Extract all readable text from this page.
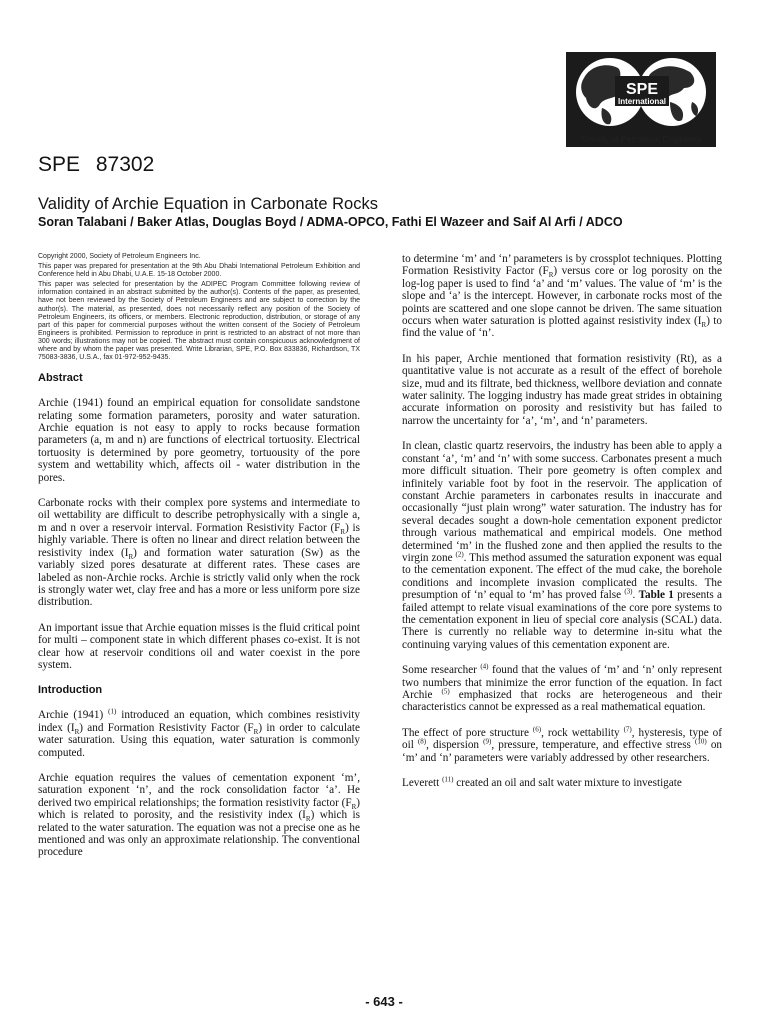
SPE
International
Society of Petroleum Engineers
SPE 87302
Validity of Archie Equation in Carbonate Rocks
Soran Talabani / Baker Atlas, Douglas Boyd / ADMA-OPCO, Fathi El Wazeer and Saif Al Arfi / ADCO

Copyright 2000, Society of Petroleum Engineers Inc.

This paper was prepared for presentation at the 9th Abu Dhabi International Petroleum Exhibition and Conference held in Abu Dhabi, U.A.E. 15-18 October 2000.

This paper was selected for presentation by the ADIPEC Program Committee following review of information contained in an abstract submitted by the author(s). Contents of the paper, as presented, have not been reviewed by the Society of Petroleum Engineers and are subject to correction by the author(s). The material, as presented, does not necessarily reflect any position of the Society of Petroleum Engineers, its officers, or members. Electronic reproduction, distribution, or storage of any part of this paper for commercial purposes without the written consent of the Society of Petroleum Engineers is prohibited. Permission to reproduce in print is restricted to an abstract of not more than 300 words; illustrations may not be copied. The abstract must contain conspicuous acknowledgment of where and by whom the paper was presented. Write Librarian, SPE, P.O. Box 833836, Richardson, TX 75083-3836, U.S.A., fax 01-972-952-9435.

Abstract

Archie (1941) found an empirical equation for consolidate sandstone relating some formation parameters, porosity and water saturation. Archie equation is not easy to apply to rocks because formation parameters (a, m and n) are functions of electrical tortuosity. Electrical tortuosity is determined by pore geometry, tortuousity of the pore system and wettability which, affects oil - water distribution in the pores.

Carbonate rocks with their complex pore systems and intermediate to oil wettability are difficult to describe petrophysically with a single a, m and n over a reservoir interval. Formation Resistivity Factor $(F_R)$ is highly variable. There is often no linear and direct relation between the resistivity index $(I_R)$ and formation water saturation (Sw) as the variably sized pores desaturate at different rates. These cases are labeled as non-Archie rocks. Archie is strictly valid only when the rock is strongly water wet, clay free and has a more or less uniform pore size distribution.

An important issue that Archie equation misses is the fluid critical point for multi – component state in which different phases co-exist. It is not clear how at reservoir conditions oil and water coexist in the pore system.

Introduction

Archie (1941) $^{(1)}$ introduced an equation, which combines resistivity index $(I_R)$ and Formation Resistivity Factor $(F_R)$ in order to calculate water saturation. Using this equation, water saturation is commonly computed.

Archie equation requires the values of cementation exponent ‘m’, saturation exponent ‘n’, and the rock consolidation factor ‘a’. He derived two empirical relationships; the formation resistivity factor $(F_R)$ which is related to porosity, and the resistivity index $(I_R)$ which is related to the water saturation. The equation was not a precise one as he mentioned and was only an approximate relationship. The conventional procedure

to determine ‘m’ and ‘n’ parameters is by crossplot techniques. Plotting Formation Resistivity Factor $(F_R)$ versus core or log porosity on the log-log paper is used to find ‘a’ and ‘m’ values. The value of ‘m’ is the slope and ‘a’ is the intercept. However, in carbonate rocks most of the points are scattered and one slope cannot be driven. The same situation occurs when water saturation is plotted against resistivity index $(I_R)$ to find the value of ‘n’.

In his paper, Archie mentioned that formation resistivity (Rt), as a quantitative value is not accurate as a result of the effect of borehole size, mud and its filtrate, bed thickness, wellbore deviation and connate water salinity. The logging industry has made great strides in obtaining accurate information on porosity and resistivity but has failed to narrow the uncertainty for ‘a’, ‘m’, and ‘n’ parameters.

In clean, clastic quartz reservoirs, the industry has been able to apply a constant ‘a’, ‘m’ and ‘n’ with some success. Carbonates present a much more difficult situation. Their pore geometry is often complex and infinitely variable foot by foot in the reservoir. The application of constant Archie parameters in carbonates results in inaccurate and occasionally “just plain wrong” water saturation. The industry has for several decades sought a down-hole cementation exponent predictor through various mathematical and empirical models. One method determined ‘m’ in the flushed zone and then applied the results to the virgin zone $^{(2)}$. This method assumed the saturation exponent was equal to the cementation exponent. The effect of the mud cake, the borehole conditions and incomplete invasion complicated the results. The presumption of ‘n’ equal to ‘m’ has proved false $^{(3)}$. Table 1 presents a failed attempt to relate visual examinations of the core pore systems to the cementation exponent in lieu of special core analysis (SCAL) data. There is currently no reliable way to determine in-situ what the continuing varying values of this cementation exponent are.

Some researcher $^{(4)}$ found that the values of ‘m’ and ‘n’ only represent two numbers that minimize the error function of the equation. In fact Archie $^{(5)}$ emphasized that rocks are heterogeneous and their characteristics cannot be expressed as a real mathematical equation.

The effect of pore structure $^{(6)}$, rock wettability $^{(7)}$, hysteresis, type of oil $^{(8)}$, dispersion $^{(9)}$, pressure, temperature, and effective stress $^{(10)}$ on ‘m’ and ‘n’ parameters were variably addressed by other researchers.

Leverett $^{(11)}$ created an oil and salt water mixture to investigate

- 643 -
